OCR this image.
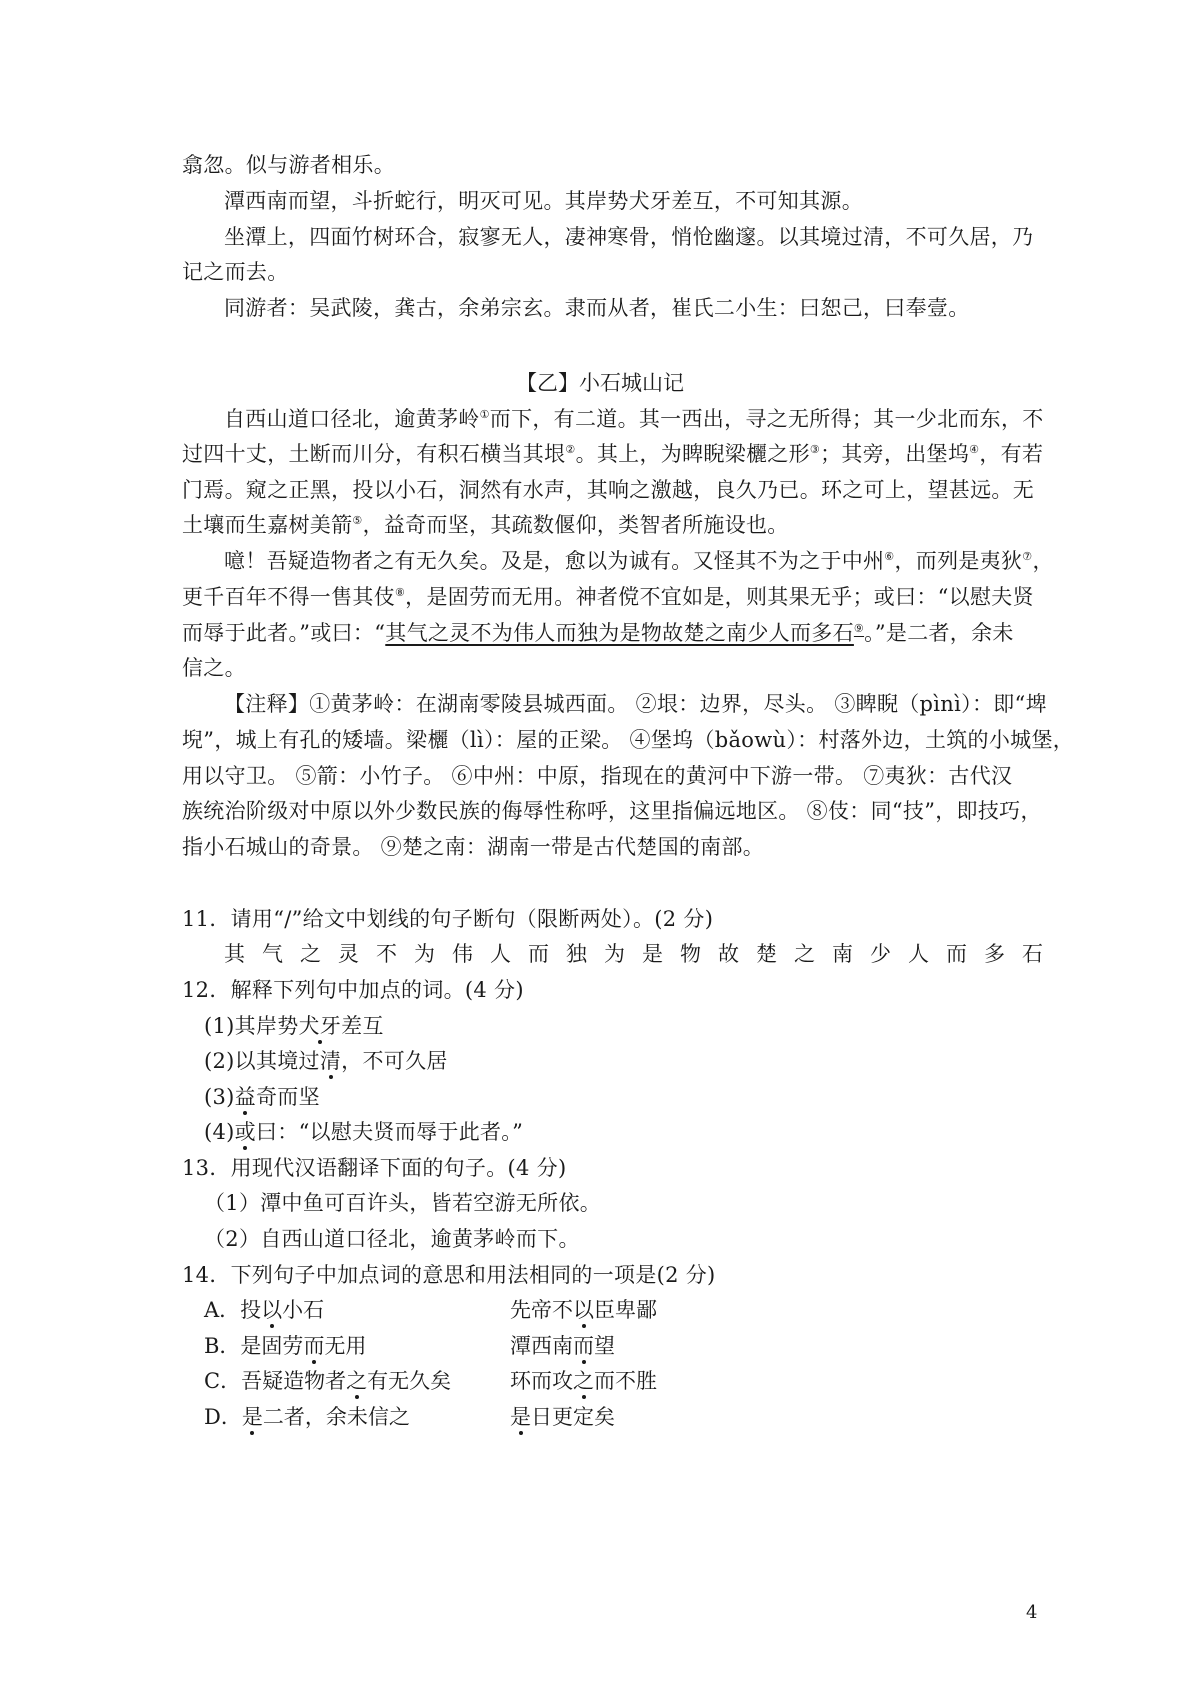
翕忽。似与游者相乐。
潭西南而望，斗折蛇行，明灭可见。其岸势犬牙差互，不可知其源。
坐潭上，四面竹树环合，寂寥无人，凄神寒骨，悄怆幽邃。以其境过清，不可久居，乃
记之而去。
同游者：吴武陵，龚古，余弟宗玄。隶而从者，崔氏二小生：曰恕己，曰奉壹。
【乙】小石城山记
自西山道口径北，逾黄茅岭①而下，有二道。其一西出，寻之无所得；其一少北而东，不
过四十丈，土断而川分，有积石横当其垠②。其上，为睥睨梁欐之形③；其旁，出堡坞④，有若
门焉。窥之正黑，投以小石，洞然有水声，其响之激越，良久乃已。环之可上，望甚远。无
土壤而生嘉树美箭⑤，益奇而坚，其疏数偃仰，类智者所施设也。
噫！吾疑造物者之有无久矣。及是，愈以为诚有。又怪其不为之于中州⑥，而列是夷狄⑦，
更千百年不得一售其伎⑧，是固劳而无用。神者傥不宜如是，则其果无乎；或曰：“以慰夫贤
而辱于此者。”或曰：“其气之灵不为伟人而独为是物故楚之南少人而多石⑨。”是二者，余未
信之。
【注释】①黄茅岭：在湖南零陵县城西面。 ②垠：边界，尽头。 ③睥睨（pìnì）：即“埤
堄”，城上有孔的矮墙。梁欐（lì）：屋的正梁。 ④堡坞（bǎowù）：村落外边，土筑的小城堡，
用以守卫。 ⑤箭：小竹子。 ⑥中州：中原，指现在的黄河中下游一带。 ⑦夷狄：古代汉
族统治阶级对中原以外少数民族的侮辱性称呼，这里指偏远地区。 ⑧伎：同“技”，即技巧，
指小石城山的奇景。 ⑨楚之南：湖南一带是古代楚国的南部。
11．请用“/”给文中划线的句子断句（限断两处）。(2 分)
其气之灵不为伟人而独为是物故楚之南少人而多石
12．解释下列句中加点的词。(4 分)
(1)其岸势犬牙差互
(2)以其境过清，不可久居
(3)益奇而坚
(4)或曰：“以慰夫贤而辱于此者。”
13．用现代汉语翻译下面的句子。(4 分)
（1）潭中鱼可百许头，皆若空游无所依。
（2）自西山道口径北，逾黄茅岭而下。
14．下列句子中加点词的意思和用法相同的一项是(2 分)
A．投以小石	先帝不以臣卑鄙
B．是固劳而无用	潭西南而望
C．吾疑造物者之有无久矣	环而攻之而不胜
D．是二者，余未信之	是日更定矣
4
